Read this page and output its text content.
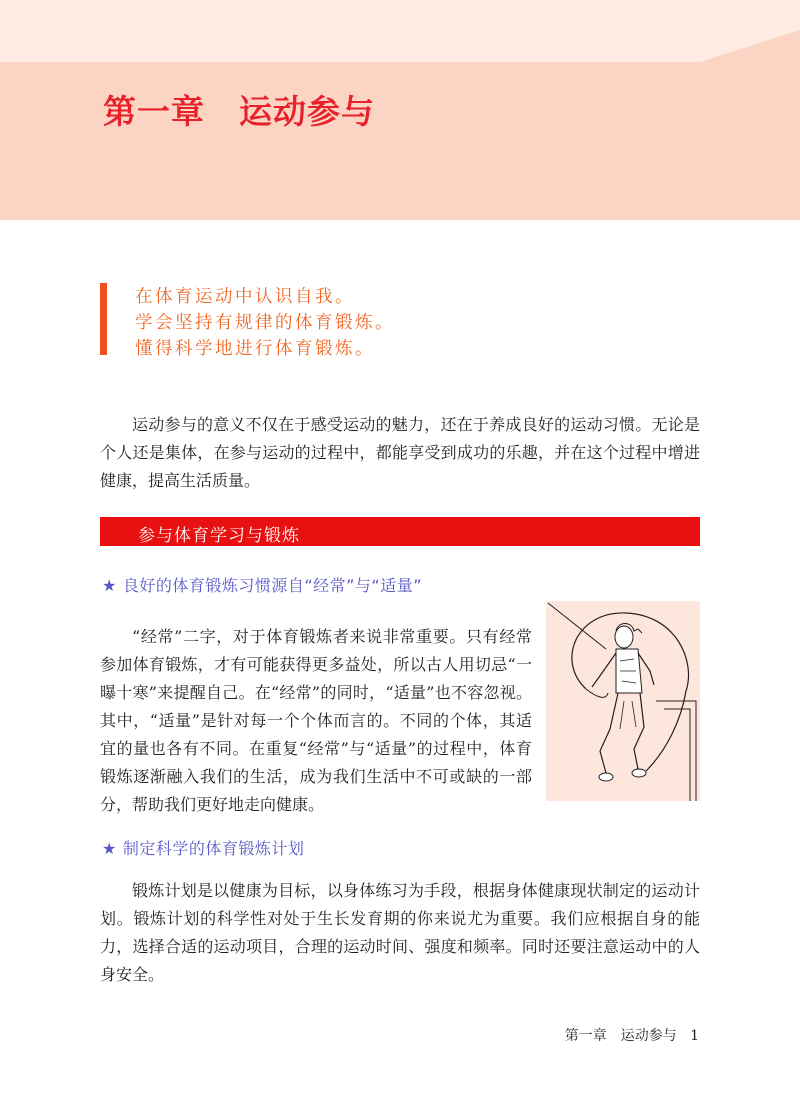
第一章　运动参与
在体育运动中认识自我。
学会坚持有规律的体育锻炼。
懂得科学地进行体育锻炼。

运动参与的意义不仅在于感受运动的魅力，还在于养成良好的运动习惯。无论是个人还是集体，在参与运动的过程中，都能享受到成功的乐趣，并在这个过程中增进健康，提高生活质量。

参与体育学习与锻炼
★ 良好的体育锻炼习惯源自“经常”与“适量”

“经常”二字，对于体育锻炼者来说非常重要。只有经常参加体育锻炼，才有可能获得更多益处，所以古人用切忌“一曝十寒”来提醒自己。在“经常”的同时，“适量”也不容忽视。其中，“适量”是针对每一个个体而言的。不同的个体，其适宜的量也各有不同。在重复“经常”与“适量”的过程中，体育锻炼逐渐融入我们的生活，成为我们生活中不可或缺的一部分，帮助我们更好地走向健康。

★ 制定科学的体育锻炼计划

锻炼计划是以健康为目标，以身体练习为手段，根据身体健康现状制定的运动计划。锻炼计划的科学性对处于生长发育期的你来说尤为重要。我们应根据自身的能力，选择合适的运动项目，合理的运动时间、强度和频率。同时还要注意运动中的人身安全。

第一章　运动参与 1
